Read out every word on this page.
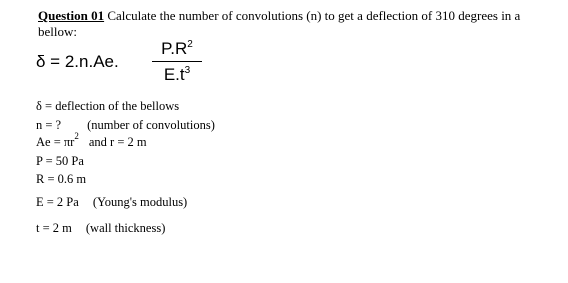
Question 01 Calculate the number of convolutions (n) to get a deflection of 310 degrees in a bellow:
δ = 2.n.Ae.
$P.R^2$
$E.t^3$
δ = deflection of the bellows
n = ? (number of convolutions)
$Ae = \pi r^2$ and r = 2 m
P = 50 Pa
R = 0.6 m
E = 2 Pa (Young's modulus)
t = 2 m (wall thickness)
